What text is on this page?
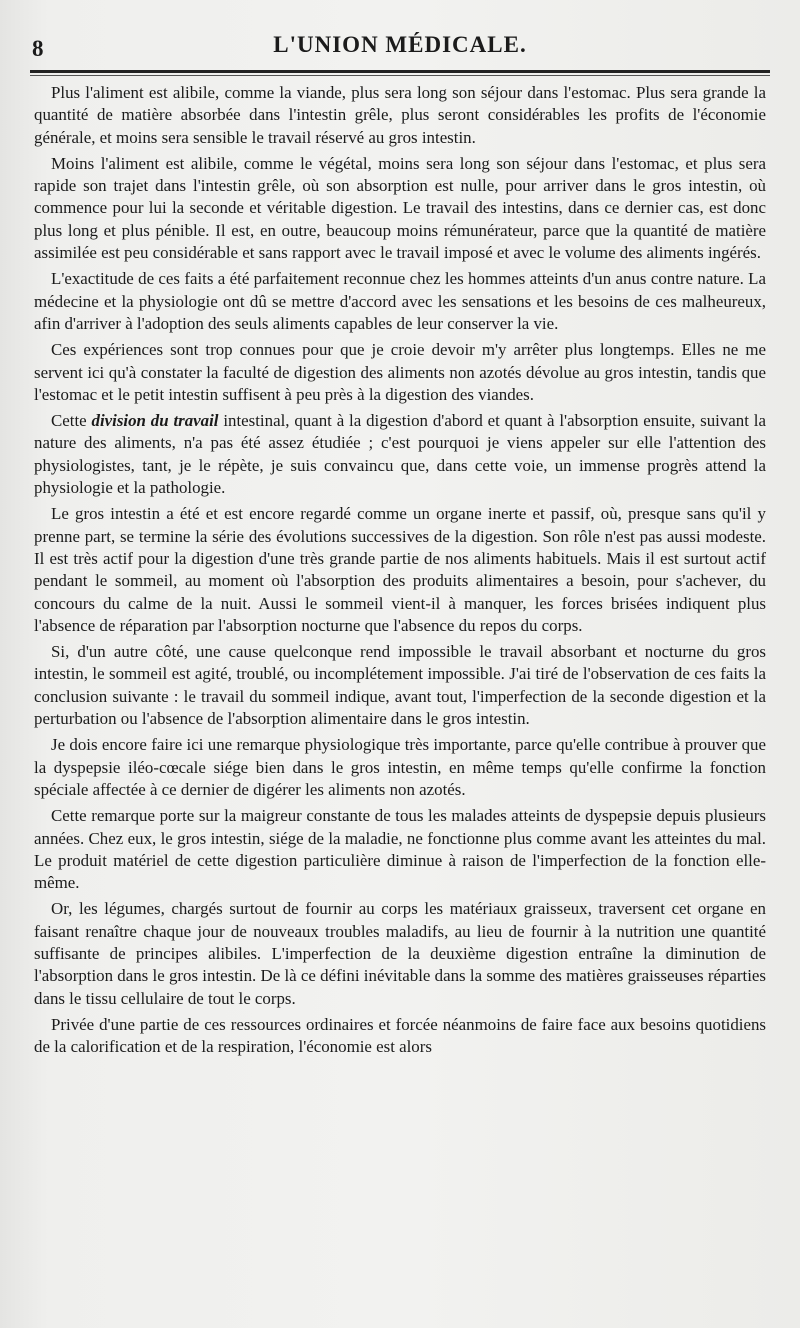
8	L'UNION MÉDICALE.

Plus l'aliment est alibile, comme la viande, plus sera long son séjour dans l'estomac. Plus sera grande la quantité de matière absorbée dans l'intestin grêle, plus seront considérables les profits de l'économie générale, et moins sera sensible le travail réservé au gros intestin.

Moins l'aliment est alibile, comme le végétal, moins sera long son séjour dans l'estomac, et plus sera rapide son trajet dans l'intestin grêle, où son absorption est nulle, pour arriver dans le gros intestin, où commence pour lui la seconde et véritable digestion. Le travail des intestins, dans ce dernier cas, est donc plus long et plus pénible. Il est, en outre, beaucoup moins rémunérateur, parce que la quantité de matière assimilée est peu considérable et sans rapport avec le travail imposé et avec le volume des aliments ingérés.

L'exactitude de ces faits a été parfaitement reconnue chez les hommes atteints d'un anus contre nature. La médecine et la physiologie ont dû se mettre d'accord avec les sensations et les besoins de ces malheureux, afin d'arriver à l'adoption des seuls aliments capables de leur conserver la vie.

Ces expériences sont trop connues pour que je croie devoir m'y arrêter plus longtemps. Elles ne me servent ici qu'à constater la faculté de digestion des aliments non azotés dévolue au gros intestin, tandis que l'estomac et le petit intestin suffisent à peu près à la digestion des viandes.

Cette division du travail intestinal, quant à la digestion d'abord et quant à l'absorption ensuite, suivant la nature des aliments, n'a pas été assez étudiée ; c'est pourquoi je viens appeler sur elle l'attention des physiologistes, tant, je le répète, je suis convaincu que, dans cette voie, un immense progrès attend la physiologie et la pathologie.

Le gros intestin a été et est encore regardé comme un organe inerte et passif, où, presque sans qu'il y prenne part, se termine la série des évolutions successives de la digestion. Son rôle n'est pas aussi modeste. Il est très actif pour la digestion d'une très grande partie de nos aliments habituels. Mais il est surtout actif pendant le sommeil, au moment où l'absorption des produits alimentaires a besoin, pour s'achever, du concours du calme de la nuit. Aussi le sommeil vient-il à manquer, les forces brisées indiquent plus l'absence de réparation par l'absorption nocturne que l'absence du repos du corps.

Si, d'un autre côté, une cause quelconque rend impossible le travail absorbant et nocturne du gros intestin, le sommeil est agité, troublé, ou incomplétement impossible. J'ai tiré de l'observation de ces faits la conclusion suivante : le travail du sommeil indique, avant tout, l'imperfection de la seconde digestion et la perturbation ou l'absence de l'absorption alimentaire dans le gros intestin.

Je dois encore faire ici une remarque physiologique très importante, parce qu'elle contribue à prouver que la dyspepsie iléo-cœcale siége bien dans le gros intestin, en même temps qu'elle confirme la fonction spéciale affectée à ce dernier de digérer les aliments non azotés.

Cette remarque porte sur la maigreur constante de tous les malades atteints de dyspepsie depuis plusieurs années. Chez eux, le gros intestin, siége de la maladie, ne fonctionne plus comme avant les atteintes du mal. Le produit matériel de cette digestion particulière diminue à raison de l'imperfection de la fonction elle-même.

Or, les légumes, chargés surtout de fournir au corps les matériaux graisseux, traversent cet organe en faisant renaître chaque jour de nouveaux troubles maladifs, au lieu de fournir à la nutrition une quantité suffisante de principes alibiles. L'imperfection de la deuxième digestion entraîne la diminution de l'absorption dans le gros intestin. De là ce défini inévitable dans la somme des matières graisseuses réparties dans le tissu cellulaire de tout le corps.

Privée d'une partie de ces ressources ordinaires et forcée néanmoins de faire face aux besoins quotidiens de la calorification et de la respiration, l'économie est alors
